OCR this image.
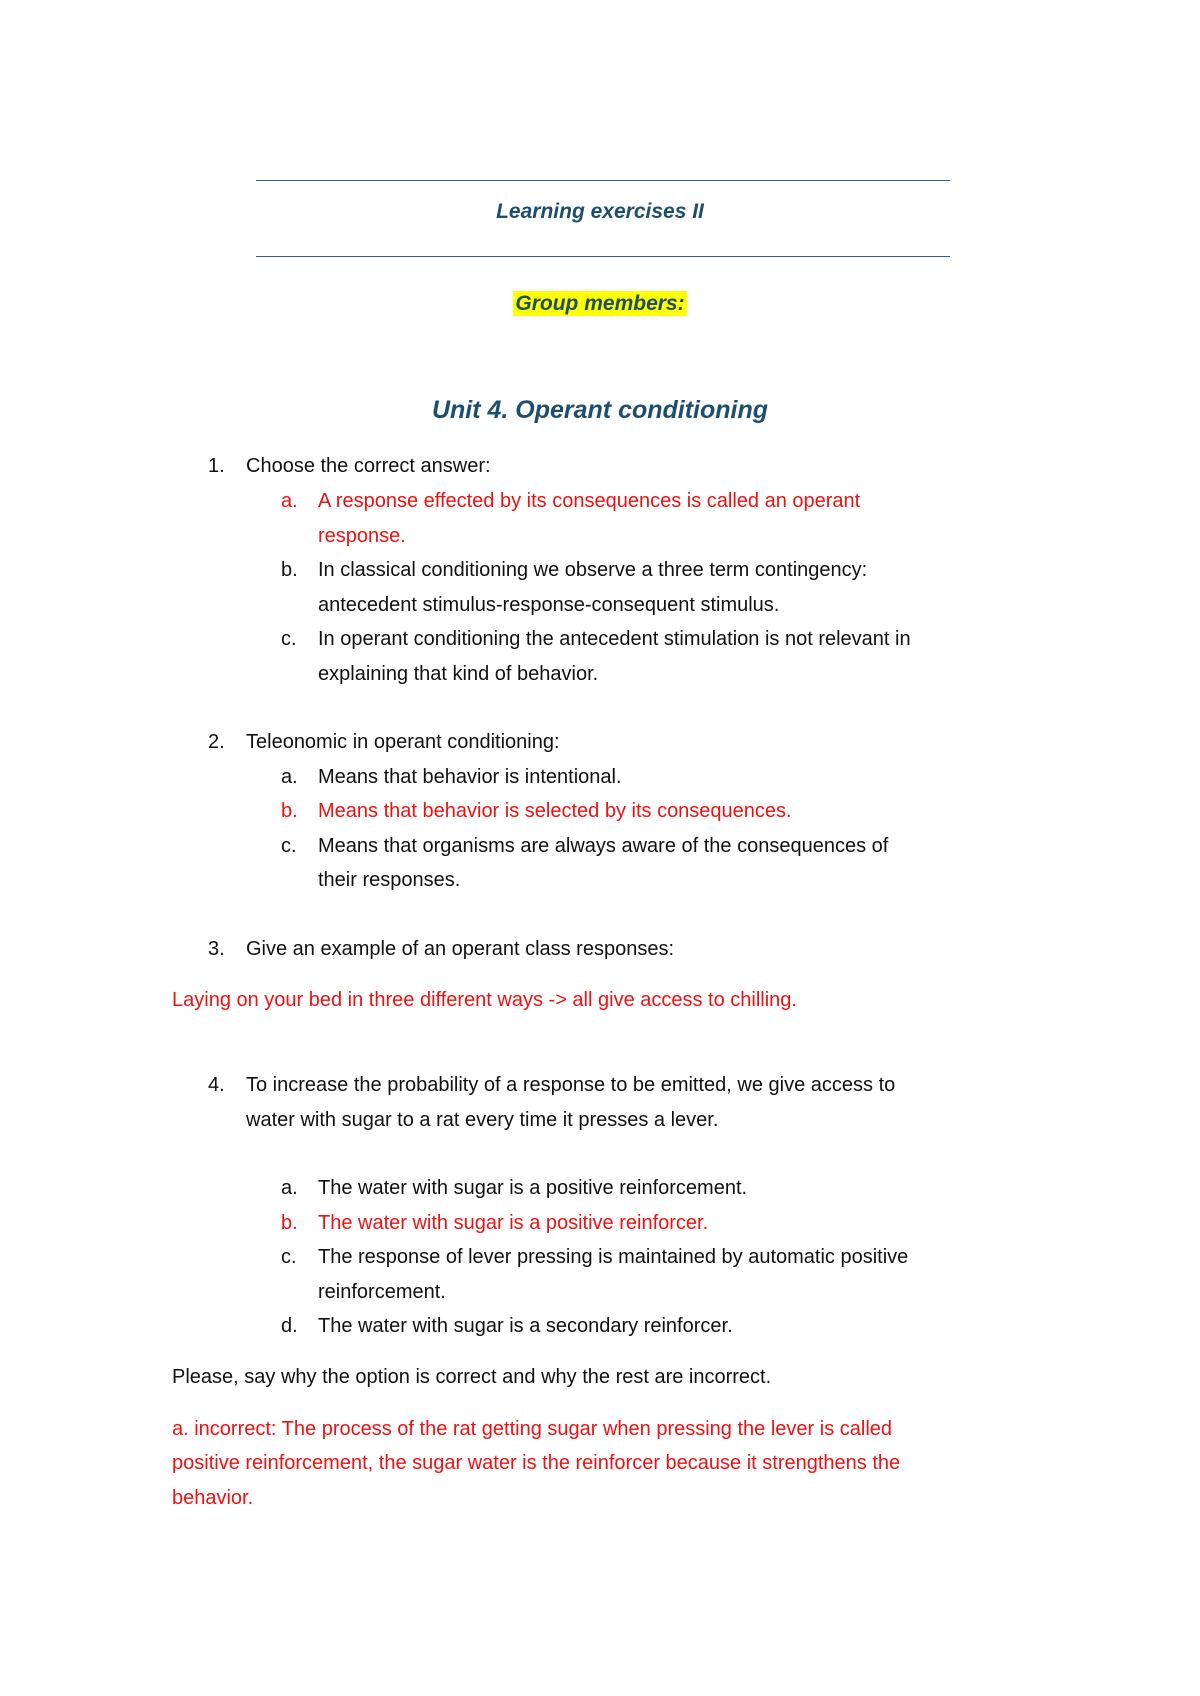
Learning exercises II
Group members:
Unit 4. Operant conditioning
1. Choose the correct answer:
a. A response effected by its consequences is called an operant
response.
b. In classical conditioning we observe a three term contingency:
antecedent stimulus-response-consequent stimulus.
c. In operant conditioning the antecedent stimulation is not relevant in
explaining that kind of behavior.
2. Teleonomic in operant conditioning:
a. Means that behavior is intentional.
b. Means that behavior is selected by its consequences.
c. Means that organisms are always aware of the consequences of
their responses.
3. Give an example of an operant class responses:
Laying on your bed in three different ways -> all give access to chilling.
4. To increase the probability of a response to be emitted, we give access to
water with sugar to a rat every time it presses a lever.
a. The water with sugar is a positive reinforcement.
b. The water with sugar is a positive reinforcer.
c. The response of lever pressing is maintained by automatic positive
reinforcement.
d. The water with sugar is a secondary reinforcer.
Please, say why the option is correct and why the rest are incorrect.
a. incorrect: The process of the rat getting sugar when pressing the lever is called
positive reinforcement, the sugar water is the reinforcer because it strengthens the
behavior.
